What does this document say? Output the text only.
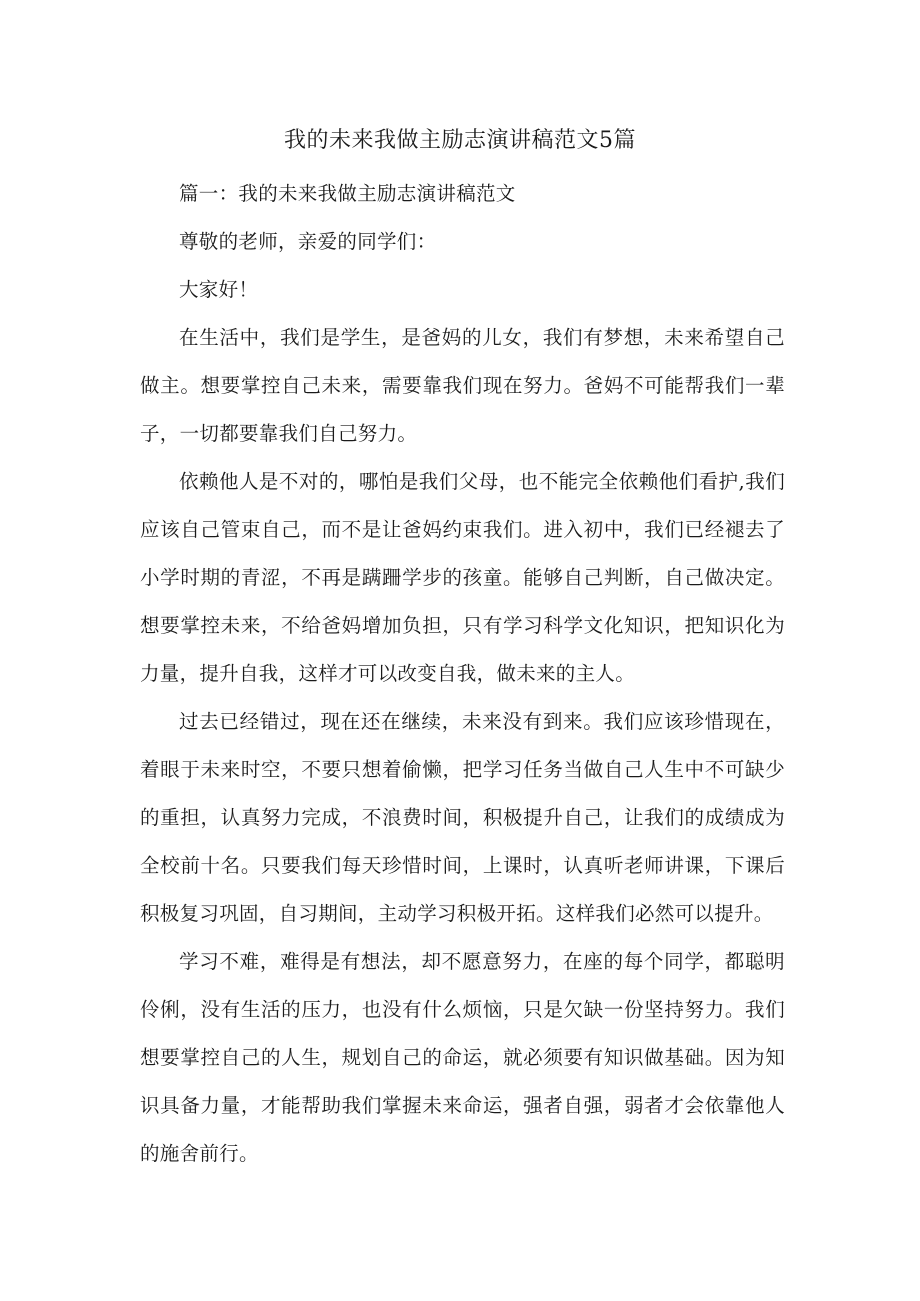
我的未来我做主励志演讲稿范文5篇

篇一：我的未来我做主励志演讲稿范文

尊敬的老师，亲爱的同学们：

大家好！

在生活中，我们是学生，是爸妈的儿女，我们有梦想，未来希望自己做主。想要掌控自己未来，需要靠我们现在努力。爸妈不可能帮我们一辈子，一切都要靠我们自己努力。

依赖他人是不对的，哪怕是我们父母，也不能完全依赖他们看护,我们应该自己管束自己，而不是让爸妈约束我们。进入初中，我们已经褪去了小学时期的青涩，不再是蹒跚学步的孩童。能够自己判断，自己做决定。想要掌控未来，不给爸妈增加负担，只有学习科学文化知识，把知识化为力量，提升自我，这样才可以改变自我，做未来的主人。

过去已经错过，现在还在继续，未来没有到来。我们应该珍惜现在，着眼于未来时空，不要只想着偷懒，把学习任务当做自己人生中不可缺少的重担，认真努力完成，不浪费时间，积极提升自己，让我们的成绩成为全校前十名。只要我们每天珍惜时间，上课时，认真听老师讲课，下课后积极复习巩固，自习期间，主动学习积极开拓。这样我们必然可以提升。

学习不难，难得是有想法，却不愿意努力，在座的每个同学，都聪明伶俐，没有生活的压力，也没有什么烦恼，只是欠缺一份坚持努力。我们想要掌控自己的人生，规划自己的命运，就必须要有知识做基础。因为知识具备力量，才能帮助我们掌握未来命运，强者自强，弱者才会依靠他人的施舍前行。
